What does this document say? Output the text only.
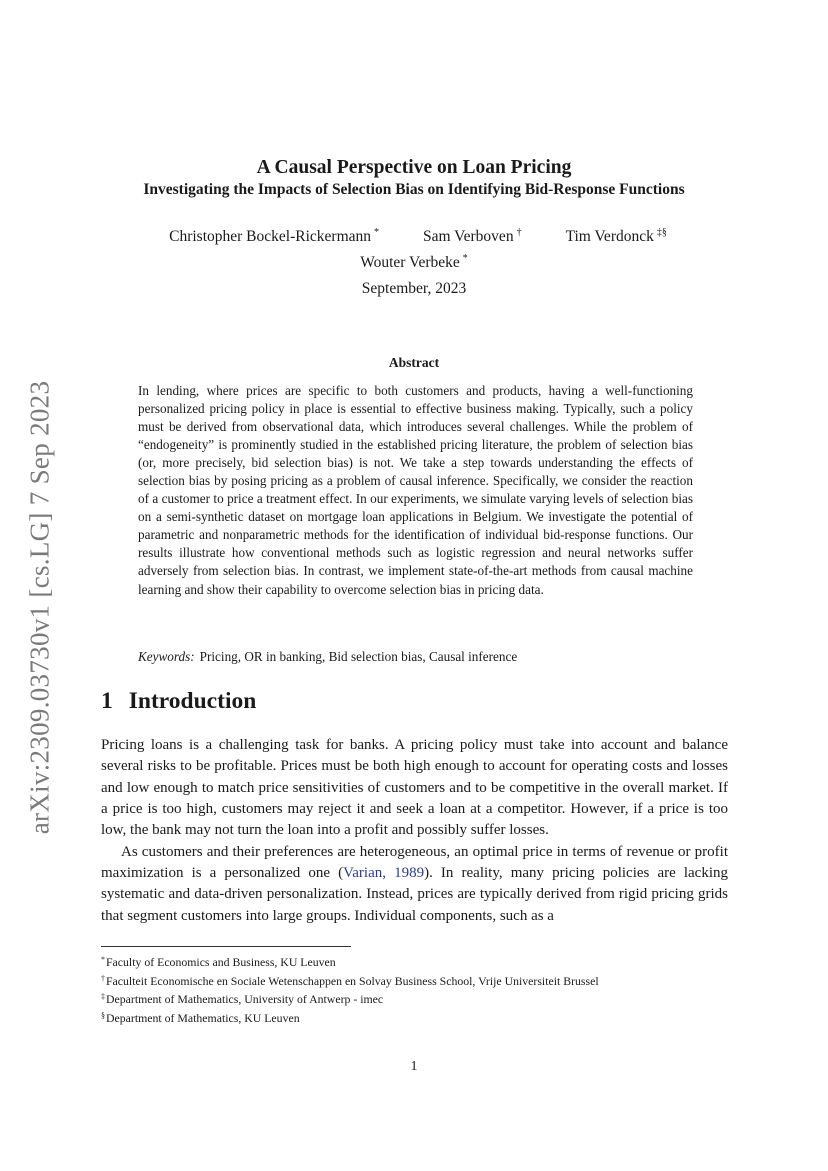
arXiv:2309.03730v1 [cs.LG] 7 Sep 2023
A Causal Perspective on Loan Pricing
Investigating the Impacts of Selection Bias on Identifying Bid-Response Functions
Christopher Bockel-Rickermann *	Sam Verboven †	Tim Verdonck ‡§
Wouter Verbeke *
September, 2023
Abstract

In lending, where prices are specific to both customers and products, having a well-functioning personalized pricing policy in place is essential to effective business making. Typically, such a policy must be derived from observational data, which introduces several challenges. While the problem of “endogeneity” is prominently studied in the established pricing literature, the problem of selection bias (or, more precisely, bid selection bias) is not. We take a step towards understanding the effects of selection bias by posing pricing as a problem of causal inference. Specifically, we consider the reaction of a customer to price a treatment effect. In our experiments, we simulate varying levels of selection bias on a semi-synthetic dataset on mortgage loan applications in Belgium. We investigate the potential of parametric and nonparametric methods for the identification of individual bid-response functions. Our results illustrate how conventional methods such as logistic regression and neural networks suffer adversely from selection bias. In contrast, we implement state-of-the-art methods from causal machine learning and show their capability to overcome selection bias in pricing data.

Keywords: Pricing, OR in banking, Bid selection bias, Causal inference
1 Introduction

Pricing loans is a challenging task for banks. A pricing policy must take into account and balance several risks to be profitable. Prices must be both high enough to account for operating costs and losses and low enough to match price sensitivities of customers and to be competitive in the overall market. If a price is too high, customers may reject it and seek a loan at a competitor. However, if a price is too low, the bank may not turn the loan into a profit and possibly suffer losses.

As customers and their preferences are heterogeneous, an optimal price in terms of revenue or profit maximization is a personalized one (Varian, 1989). In reality, many pricing policies are lacking systematic and data-driven personalization. Instead, prices are typically derived from rigid pricing grids that segment customers into large groups. Individual components, such as a

*Faculty of Economics and Business, KU Leuven
†Faculteit Economische en Sociale Wetenschappen en Solvay Business School, Vrije Universiteit Brussel
‡Department of Mathematics, University of Antwerp - imec
§Department of Mathematics, KU Leuven
1
